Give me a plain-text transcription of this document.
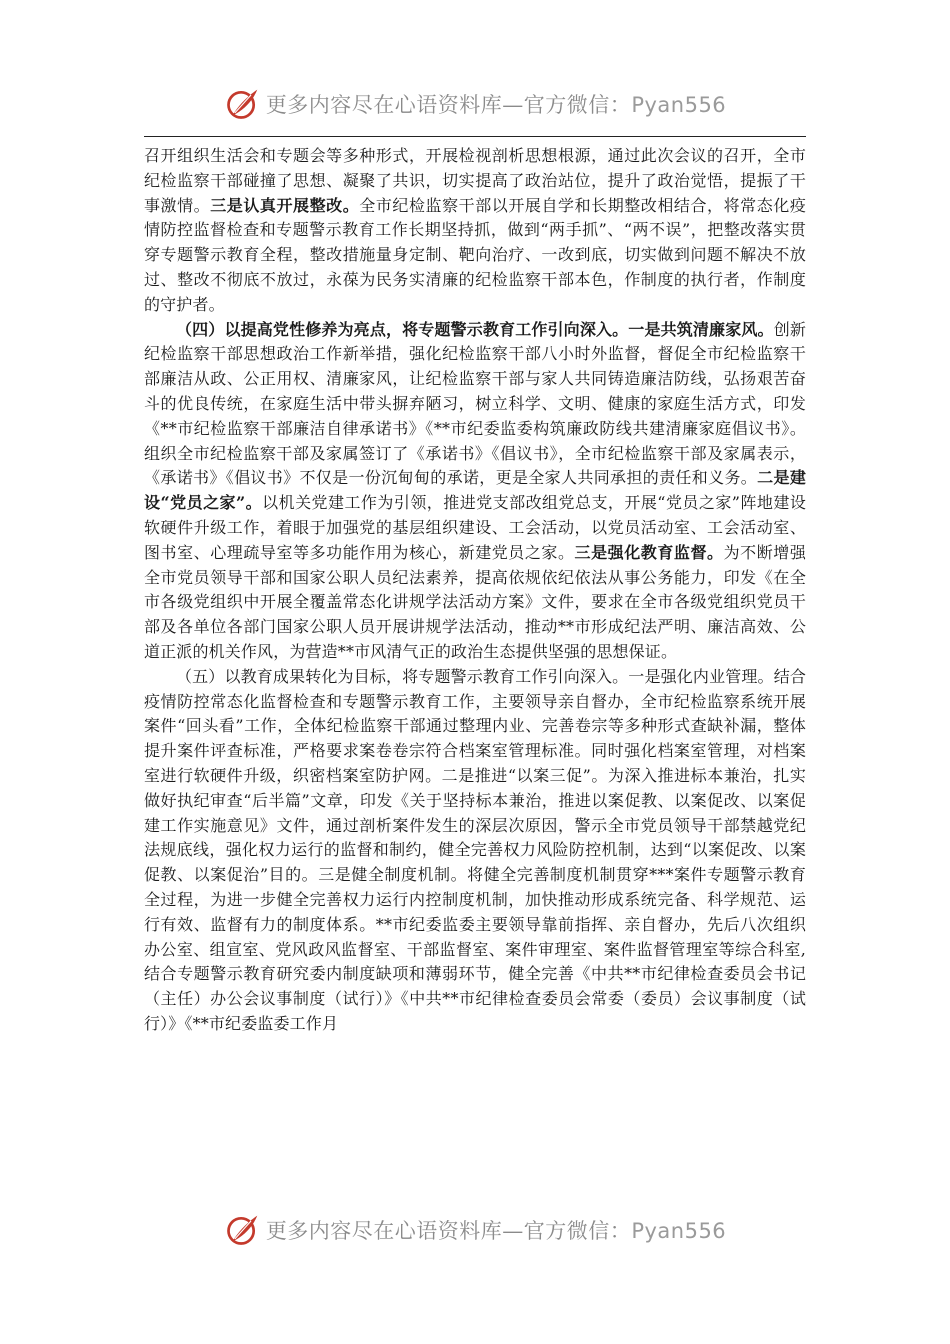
更多内容尽在心语资料库—官方微信：Pyan556

召开组织生活会和专题会等多种形式，开展检视剖析思想根源，通过此次会议的召开，全市纪检监察干部碰撞了思想、凝聚了共识，切实提高了政治站位，提升了政治觉悟，提振了干事激情。三是认真开展整改。全市纪检监察干部以开展自学和长期整改相结合，将常态化疫情防控监督检查和专题警示教育工作长期坚持抓，做到“两手抓”、“两不误”，把整改落实贯穿专题警示教育全程，整改措施量身定制、靶向治疗、一改到底，切实做到问题不解决不放过、整改不彻底不放过，永葆为民务实清廉的纪检监察干部本色，作制度的执行者，作制度的守护者。

（四）以提高党性修养为亮点，将专题警示教育工作引向深入。一是共筑清廉家风。创新纪检监察干部思想政治工作新举措，强化纪检监察干部八小时外监督，督促全市纪检监察干部廉洁从政、公正用权、清廉家风，让纪检监察干部与家人共同铸造廉洁防线，弘扬艰苦奋斗的优良传统，在家庭生活中带头摒弃陋习，树立科学、文明、健康的家庭生活方式，印发《**市纪检监察干部廉洁自律承诺书》《**市纪委监委构筑廉政防线共建清廉家庭倡议书》。组织全市纪检监察干部及家属签订了《承诺书》《倡议书》，全市纪检监察干部及家属表示，《承诺书》《倡议书》不仅是一份沉甸甸的承诺，更是全家人共同承担的责任和义务。二是建设“党员之家”。以机关党建工作为引领，推进党支部改组党总支，开展“党员之家”阵地建设软硬件升级工作，着眼于加强党的基层组织建设、工会活动，以党员活动室、工会活动室、图书室、心理疏导室等多功能作用为核心，新建党员之家。三是强化教育监督。为不断增强全市党员领导干部和国家公职人员纪法素养，提高依规依纪依法从事公务能力，印发《在全市各级党组织中开展全覆盖常态化讲规学法活动方案》文件，要求在全市各级党组织党员干部及各单位各部门国家公职人员开展讲规学法活动，推动**市形成纪法严明、廉洁高效、公道正派的机关作风，为营造**市风清气正的政治生态提供坚强的思想保证。

（五）以教育成果转化为目标，将专题警示教育工作引向深入。一是强化内业管理。结合疫情防控常态化监督检查和专题警示教育工作，主要领导亲自督办，全市纪检监察系统开展案件“回头看”工作，全体纪检监察干部通过整理内业、完善卷宗等多种形式查缺补漏，整体提升案件评查标准，严格要求案卷卷宗符合档案室管理标准。同时强化档案室管理，对档案室进行软硬件升级，织密档案室防护网。二是推进“以案三促”。为深入推进标本兼治，扎实做好执纪审查“后半篇”文章，印发《关于坚持标本兼治，推进以案促教、以案促改、以案促建工作实施意见》文件，通过剖析案件发生的深层次原因，警示全市党员领导干部禁越党纪法规底线，强化权力运行的监督和制约，健全完善权力风险防控机制，达到“以案促改、以案促教、以案促治”目的。三是健全制度机制。将健全完善制度机制贯穿***案件专题警示教育全过程，为进一步健全完善权力运行内控制度机制，加快推动形成系统完备、科学规范、运行有效、监督有力的制度体系。**市纪委监委主要领导靠前指挥、亲自督办，先后八次组织办公室、组宣室、党风政风监督室、干部监督室、案件审理室、案件监督管理室等综合科室,结合专题警示教育研究委内制度缺项和薄弱环节，健全完善《中共**市纪律检查委员会书记（主任）办公会议事制度（试行）》《中共**市纪律检查委员会常委（委员）会议事制度（试行）》《**市纪委监委工作月

更多内容尽在心语资料库—官方微信：Pyan556
